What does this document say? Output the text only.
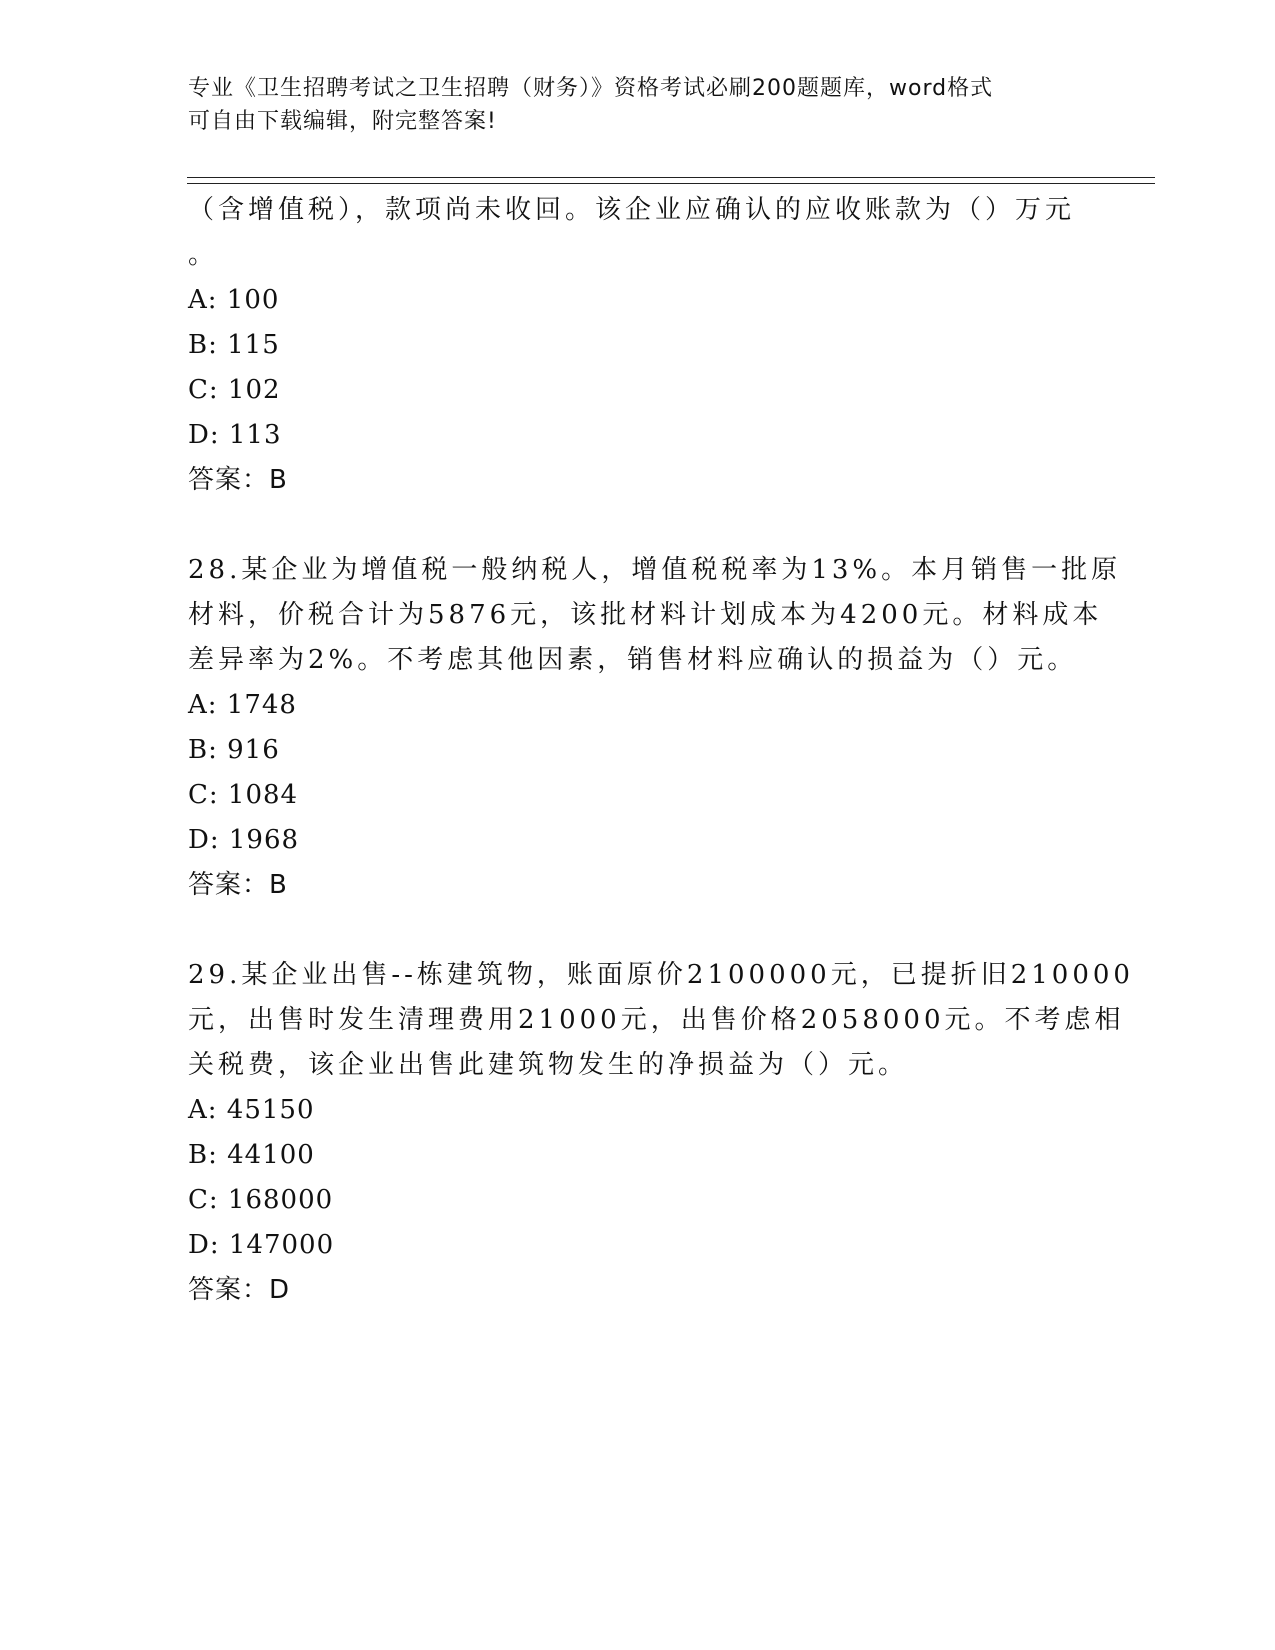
专业《卫生招聘考试之卫生招聘（财务）》资格考试必刷200题题库，word格式
可自由下载编辑，附完整答案!
（含增值税），款项尚未收回。该企业应确认的应收账款为（）万元
。
A: 100
B: 115
C: 102
D: 113
答案：B
28.某企业为增值税一般纳税人，增值税税率为13%。本月销售一批原
材料，价税合计为5876元，该批材料计划成本为4200元。材料成本
差异率为2%。不考虑其他因素，销售材料应确认的损益为（）元。
A: 1748
B: 916
C: 1084
D: 1968
答案：B
29.某企业出售--栋建筑物，账面原价2100000元，已提折旧210000
元，出售时发生清理费用21000元，出售价格2058000元。不考虑相
关税费，该企业出售此建筑物发生的净损益为（）元。
A: 45150
B: 44100
C: 168000
D: 147000
答案：D
